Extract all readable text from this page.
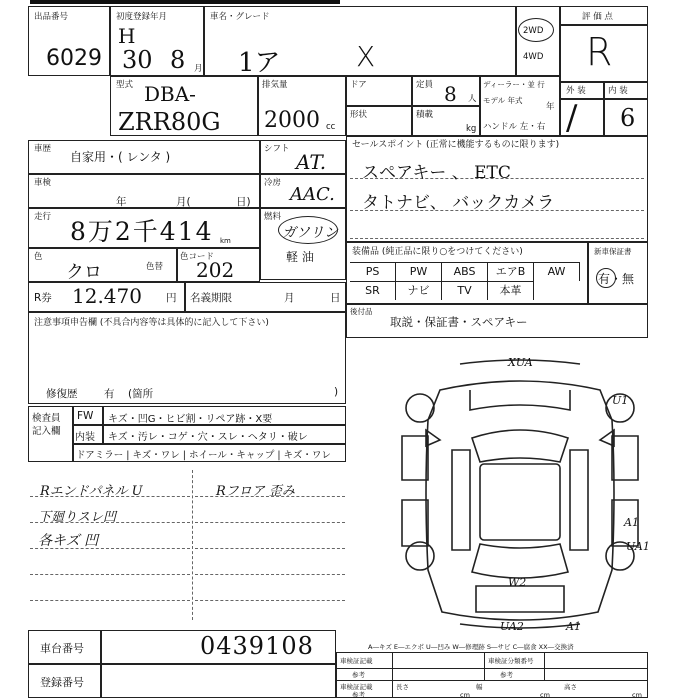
出品番号
6029
初度登録年月
H
30 8 月
車名・グレード
1ア	X
2WD
4WD
評 価 点
R
型式 DBA-
ZRR80G
排気量
2000 cc
ドア
形状
定員 8 人
積載
kg
ディーラー・並 行
モデル 年式
年
ハンドル 左・右
外 装	内 装
/ 6
車歴
自家用・( レンタ )
シフト
AT.
車検
年	月(	日)
冷房
AAC.
走行 8万2千414 km
燃料
ガソリン
軽 油
色
クロ	色替
色コード
202
R券 12.470 円 名義期限	月	日
注意事項申告欄 (不具合内容等は具体的に記入して下さい)
修復歴	有 (箇所	)
セールスポイント (正常に機能するものに限ります)
スペアキー 、 ETC
タトナビ、 バックカメラ
装備品 (純正品に限り○をつけてください)	新車保証書
有・無
後付品
取説・保証書・スペアキー
検査員 記入欄
FW キズ・凹G・ヒビ割・リペア跡・X要
内装 キズ・汚レ・コゲ・穴・スレ・ヘタリ・破レ
ドアミラー | キズ・ワレ | ホイール・キャップ | キズ・ワレ
Rエンドパネル U
下廻りスレ凹
各キズ 凹
Rフロア 歪み
XUA
U1
A1
UA1
W2
UA2	A1
A―キズ E―エクボ U―凹み W―修理跡 S―サビ C―腐食 XX―交換済
車検証記載
参考
車検証分類番号
参考
車検証記載
参考
長さ
cm
幅
cm
高さ
cm
車台番号	0439108
登録番号
PS	PW	ABS	エアB	AW
SR	ナビ	TV	本革
